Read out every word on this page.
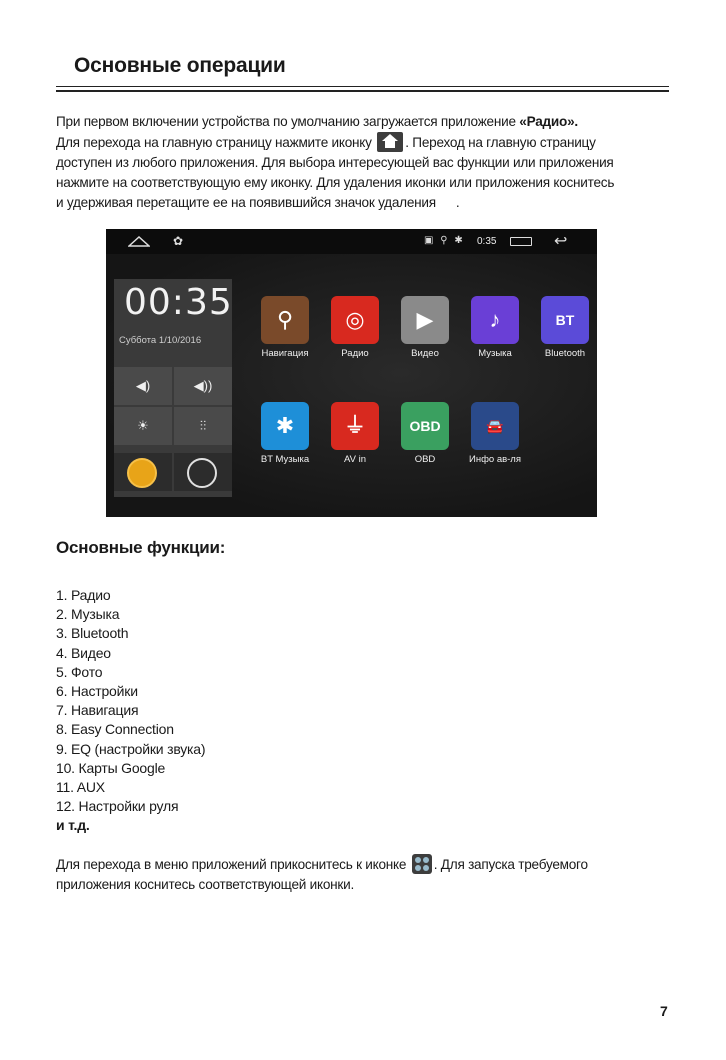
Основные операции
При первом включении устройства по умолчанию загружается приложение «Радио».
Для перехода на главную страницу нажмите иконку . Переход на главную страницу
доступен из любого приложения. Для выбора интересующей вас функции или приложения
нажмите на соответствующую ему иконку. Для удаления иконки или приложения коснитесь
и удерживая перетащите ее на появившийся значок удаления .
✿	▣ ⚲ ✱ 0:35	↩
00:35
Суббота 1/10/2016
◀)	◀))
☀	⫶⫶
⚲
Навигация
◎
Радио
▶
Видео
♪
Музыка
BT
Bluetooth
✱
BT Музыка
⏚
AV in
OBD
OBD
🚘
Инфо ав-ля
Основные функции:
1. Радио
2. Музыка
3. Bluetooth
4. Видео
5. Фото
6. Настройки
7. Навигация
8. Easy Connection
9. EQ (настройки звука)
10. Карты Google
11. AUX
12. Настройки руля
и т.д.
Для перехода в меню приложений прикоснитесь к иконке
. Для запуска требуемого
приложения коснитесь соответствующей иконки.
7
